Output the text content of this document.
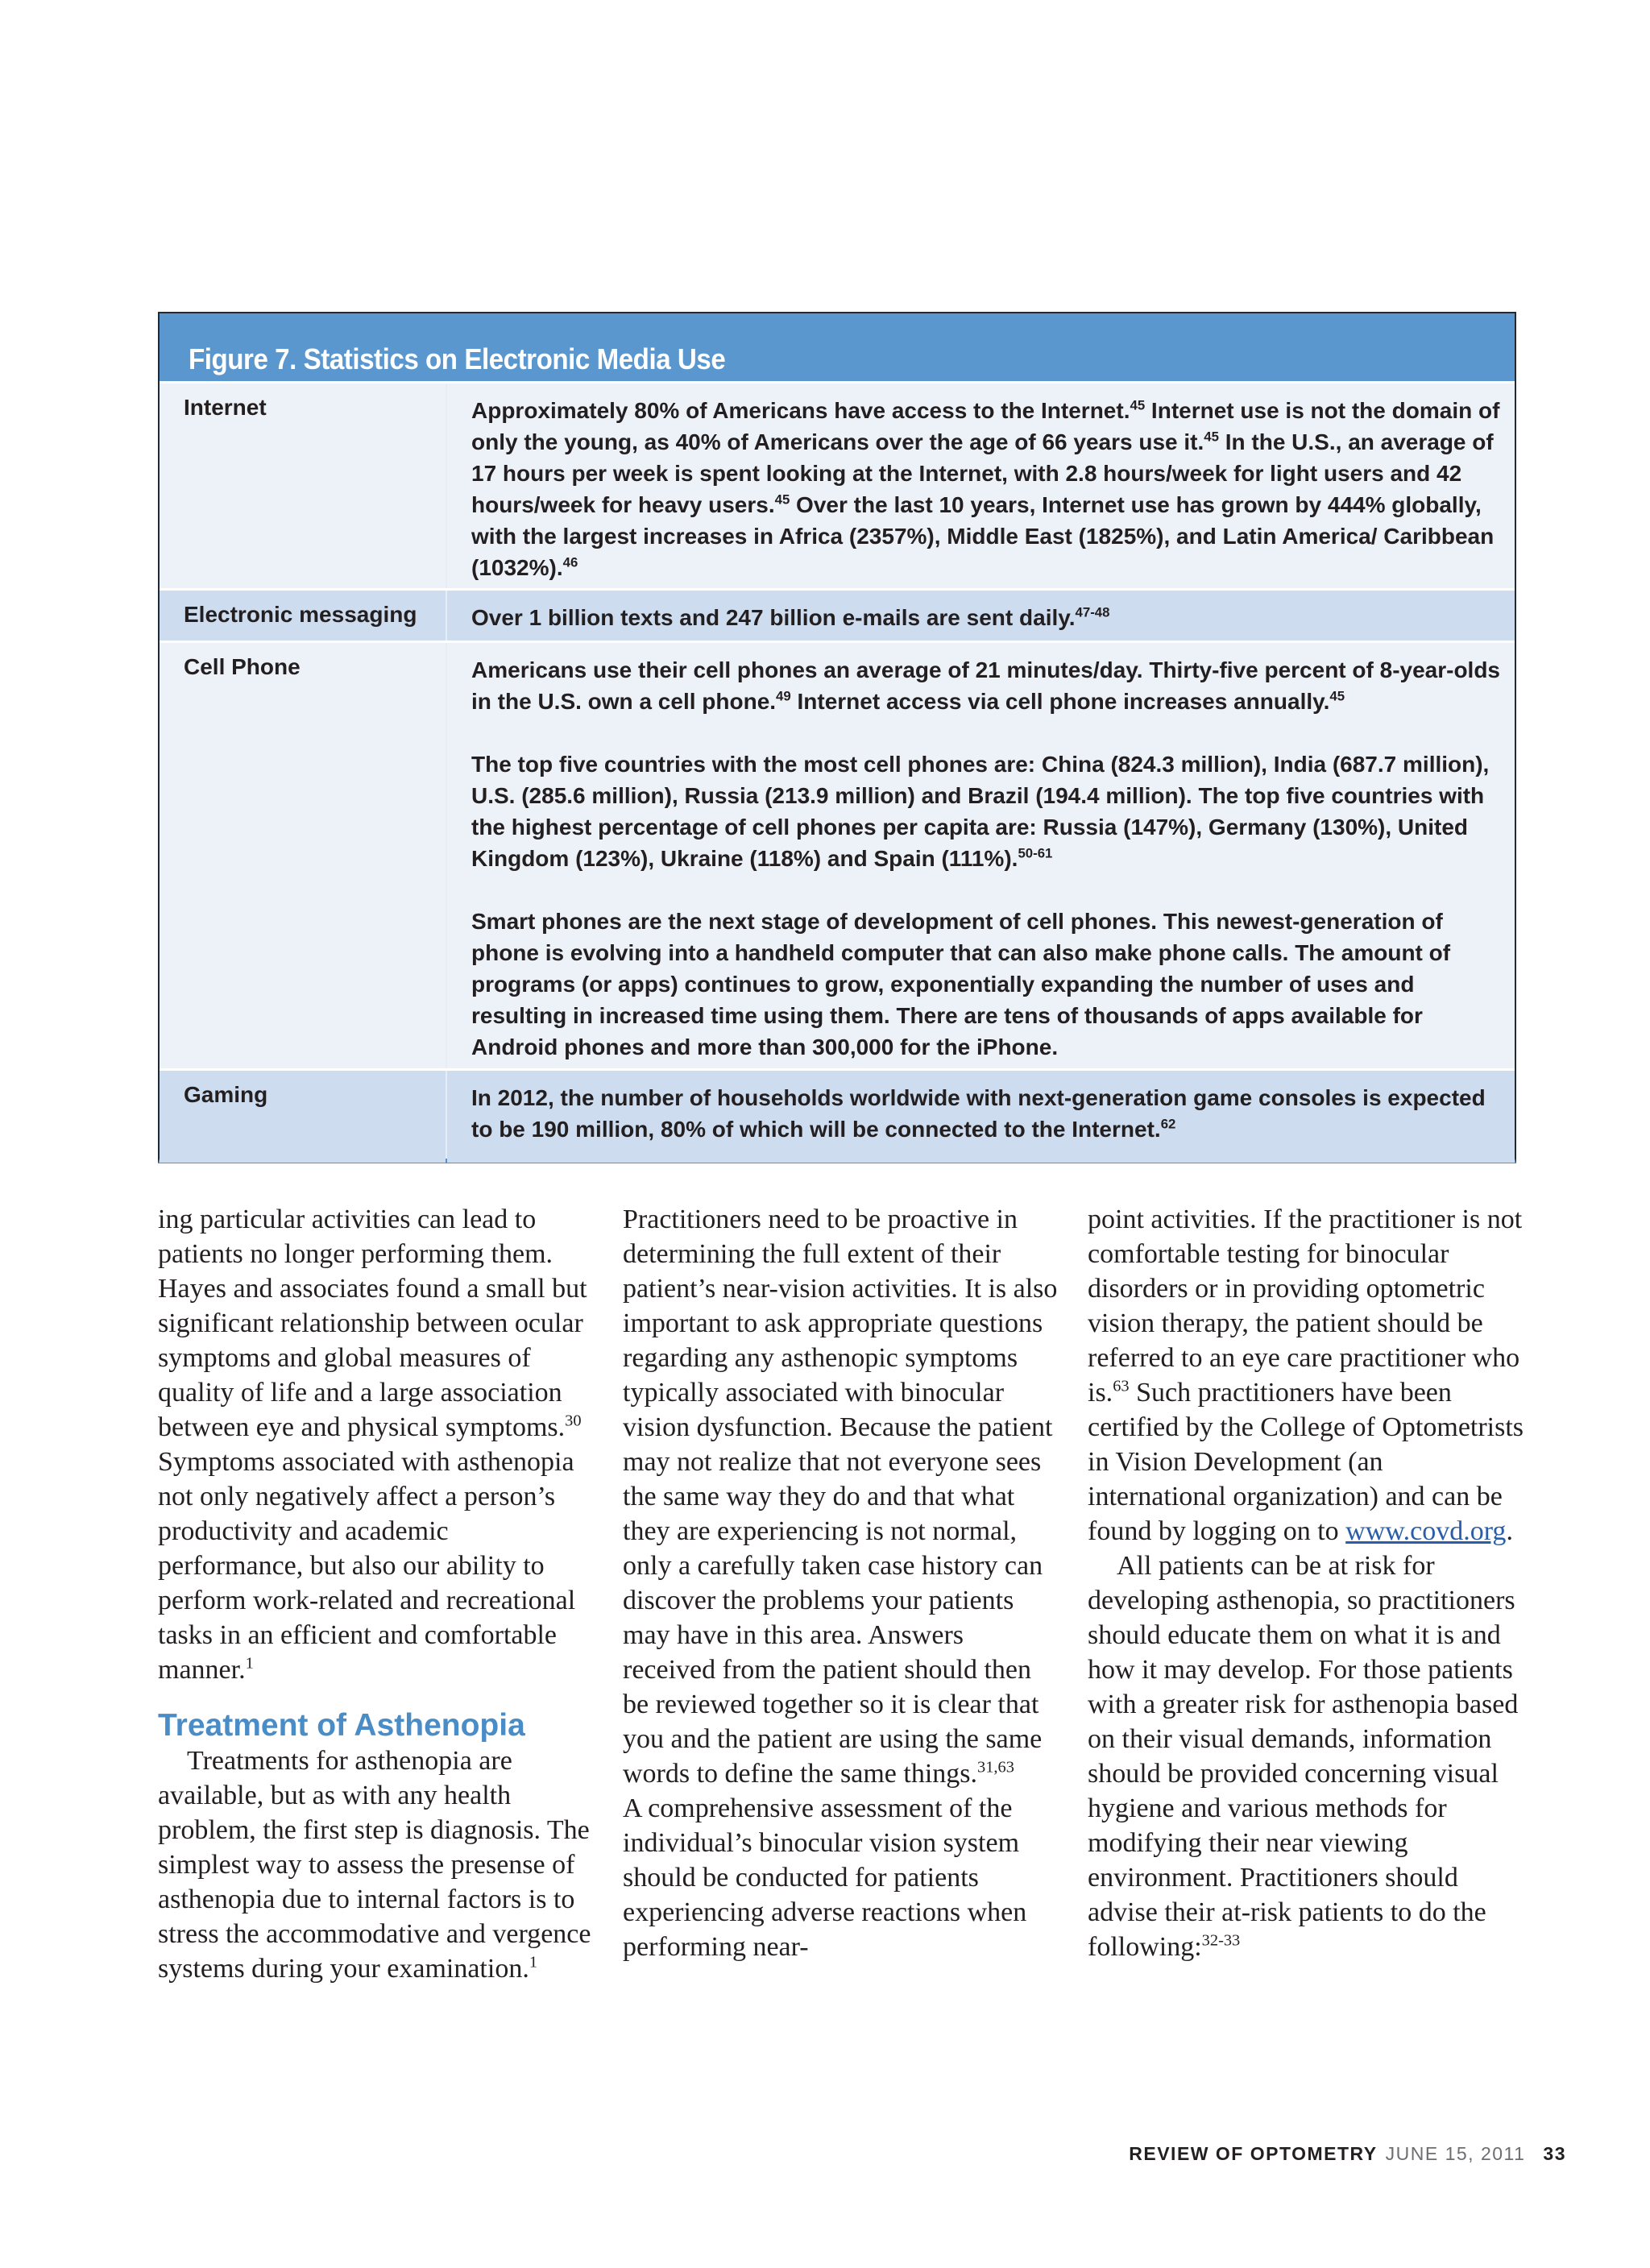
Figure 7. Statistics on Electronic Media Use
Internet	Approximately 80% of Americans have access to the Internet.$^{45}$ Internet use is not the domain of only the young, as 40% of Americans over the age of 66 years use it.$^{45}$ In the U.S., an average of 17 hours per week is spent looking at the Internet, with 2.8 hours/week for light users and 42 hours/week for heavy users.$^{45}$ Over the last 10 years, Internet use has grown by 444% globally, with the largest increases in Africa (2357%), Middle East (1825%), and Latin America/ Caribbean (1032%).$^{46}$

Electronic messaging	Over 1 billion texts and 247 billion e-mails are sent daily.$^{47-48}$

Cell Phone	Americans use their cell phones an average of 21 minutes/day. Thirty-five percent of 8-year-olds in the U.S. own a cell phone.$^{49}$ Internet access via cell phone increases annually.$^{45}$

The top five countries with the most cell phones are: China (824.3 million), India (687.7 million), U.S. (285.6 million), Russia (213.9 million) and Brazil (194.4 million). The top five countries with the highest percentage of cell phones per capita are: Russia (147%), Germany (130%), United Kingdom (123%), Ukraine (118%) and Spain (111%).$^{50-61}$

Smart phones are the next stage of development of cell phones. This newest-generation of phone is evolving into a handheld computer that can also make phone calls. The amount of programs (or apps) continues to grow, exponentially expanding the number of uses and resulting in increased time using them. There are tens of thousands of apps available for Android phones and more than 300,000 for the iPhone.

Gaming	In 2012, the number of households worldwide with next-generation game consoles is expected to be 190 million, 80% of which will be connected to the Internet.$^{62}$

ing particular activities can lead to patients no longer performing them. Hayes and associates found a small but significant relationship between ocular symptoms and global measures of quality of life and a large association between eye and physical symptoms.$^{30}$

Symptoms associated with asthenopia not only negatively affect a person’s productivity and academic performance, but also our ability to perform work-related and recreational tasks in an efficient and comfortable manner.$^1$

Treatment of Asthenopia

Treatments for asthenopia are available, but as with any health problem, the first step is diagnosis. The simplest way to assess the presense of asthenopia due to internal factors is to stress the accommodative and vergence systems during your examination.$^1$

Practitioners need to be proactive in determining the full extent of their patient’s near-vision activities. It is also important to ask appropriate questions regarding any asthenopic symptoms typically associated with binocular vision dysfunction. Because the patient may not realize that not everyone sees the same way they do and that what they are experiencing is not normal, only a carefully taken case history can discover the problems your patients may have in this area. Answers received from the patient should then be reviewed together so it is clear that you and the patient are using the same words to define the same things.$^{31,63}$

A comprehensive assessment of the individual’s binocular vision system should be conducted for patients experiencing adverse reactions when performing near-

point activities. If the practitioner is not comfortable testing for binocular disorders or in providing optometric vision therapy, the patient should be referred to an eye care practitioner who is.$^{63}$ Such practitioners have been certified by the College of Optometrists in Vision Development (an international organization) and can be found by logging on to www.covd.org.

All patients can be at risk for developing asthenopia, so practitioners should educate them on what it is and how it may develop. For those patients with a greater risk for asthenopia based on their visual demands, information should be provided concerning visual hygiene and various methods for modifying their near viewing environment. Practitioners should advise their at-risk patients to do the following:$^{32-33}$

REVIEW OF OPTOMETRY JUNE 15, 2011 33
